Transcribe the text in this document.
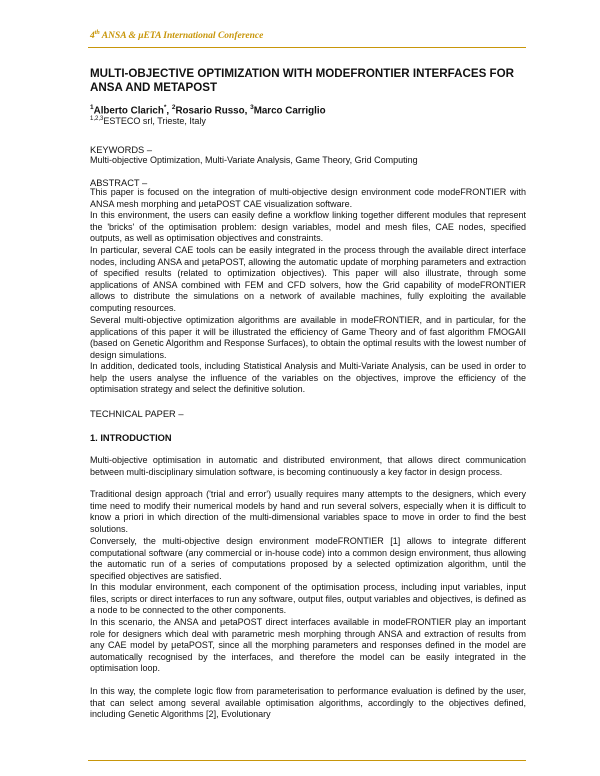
4th ANSA & μETA International Conference
MULTI-OBJECTIVE OPTIMIZATION WITH MODEFRONTIER INTERFACES FOR ANSA AND METAPOST
$^1$Alberto Clarich*, $^2$Rosario Russo, $^3$Marco Carriglio
$^{1,2,3}$ESTECO srl, Trieste, Italy
KEYWORDS –

Multi-objective Optimization, Multi-Variate Analysis, Game Theory, Grid Computing

ABSTRACT –

This paper is focused on the integration of multi-objective design environment code modeFRONTIER with ANSA mesh morphing and μetaPOST CAE visualization software.

In this environment, the users can easily define a workflow linking together different modules that represent the 'bricks' of the optimisation problem: design variables, model and mesh files, CAE nodes, specified outputs, as well as optimisation objectives and constraints.

In particular, several CAE tools can be easily integrated in the process through the available direct interface nodes, including ANSA and μetaPOST, allowing the automatic update of morphing parameters and extraction of specified results (related to optimization objectives). This paper will also illustrate, through some applications of ANSA combined with FEM and CFD solvers, how the Grid capability of modeFRONTIER allows to distribute the simulations on a network of available machines, fully exploiting the available computing resources.

Several multi-objective optimization algorithms are available in modeFRONTIER, and in particular, for the applications of this paper it will be illustrated the efficiency of Game Theory and of fast algorithm FMOGAII (based on Genetic Algorithm and Response Surfaces), to obtain the optimal results with the lowest number of design simulations.

In addition, dedicated tools, including Statistical Analysis and Multi-Variate Analysis, can be used in order to help the users analyse the influence of the variables on the objectives, improve the efficiency of the optimisation strategy and select the definitive solution.

TECHNICAL PAPER –
1. INTRODUCTION

Multi-objective optimisation in automatic and distributed environment, that allows direct communication between multi-disciplinary simulation software, is becoming continuously a key factor in design process.

Traditional design approach ('trial and error') usually requires many attempts to the designers, which every time need to modify their numerical models by hand and run several solvers, especially when it is difficult to know a priori in which direction of the multi-dimensional variables space to move in order to find the best solutions.

Conversely, the multi-objective design environment modeFRONTIER [1] allows to integrate different computational software (any commercial or in-house code) into a common design environment, thus allowing the automatic run of a series of computations proposed by a selected optimization algorithm, until the specified objectives are satisfied.

In this modular environment, each component of the optimisation process, including input variables, input files, scripts or direct interfaces to run any software, output files, output variables and objectives, is defined as a node to be connected to the other components.

In this scenario, the ANSA and μetaPOST direct interfaces available in modeFRONTIER play an important role for designers which deal with parametric mesh morphing through ANSA and extraction of results from any CAE model by μetaPOST, since all the morphing parameters and responses defined in the model are automatically recognised by the interfaces, and therefore the model can be easily integrated in the optimisation loop.

In this way, the complete logic flow from parameterisation to performance evaluation is defined by the user, that can select among several available optimisation algorithms, accordingly to the objectives defined, including Genetic Algorithms [2], Evolutionary
